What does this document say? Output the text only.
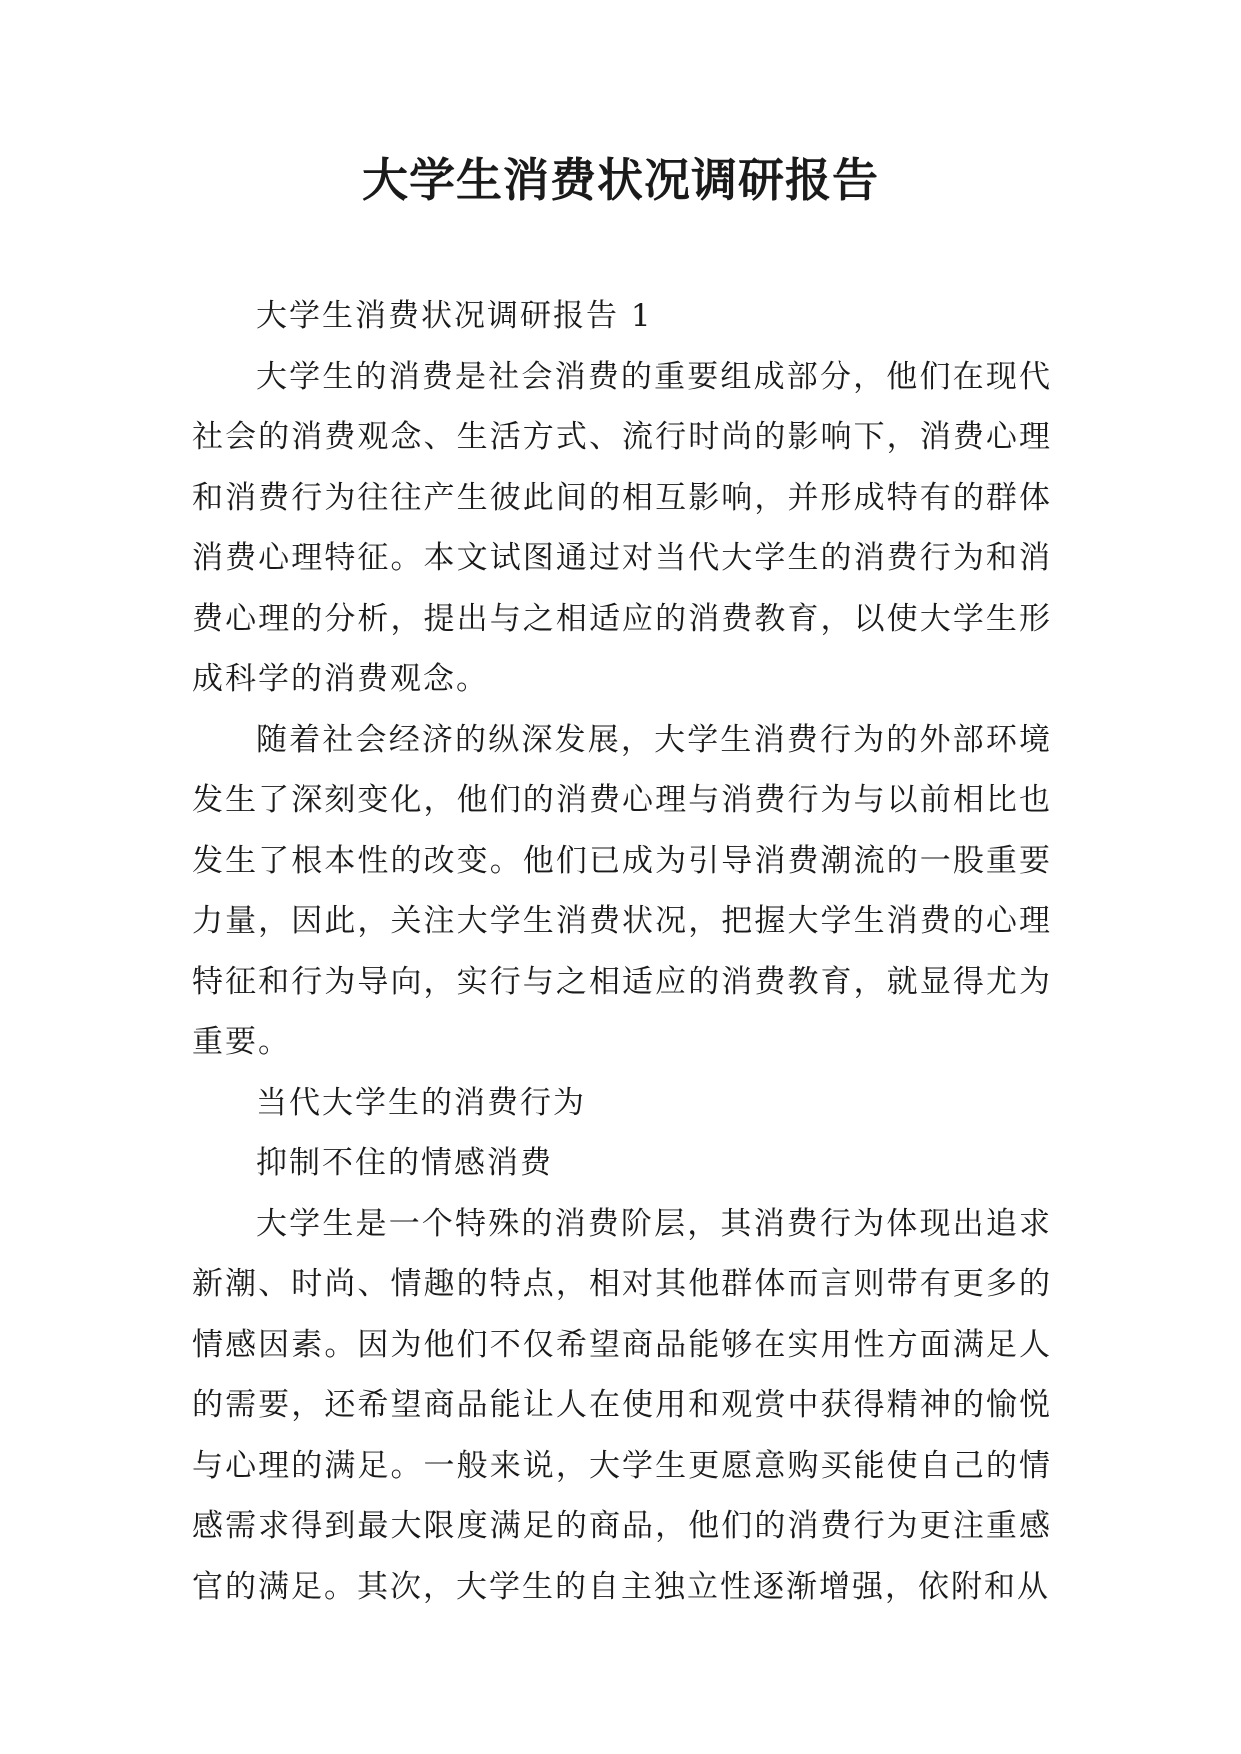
大学生消费状况调研报告

大学生消费状况调研报告 1

大学生的消费是社会消费的重要组成部分，他们在现代社会的消费观念、生活方式、流行时尚的影响下，消费心理和消费行为往往产生彼此间的相互影响，并形成特有的群体消费心理特征。本文试图通过对当代大学生的消费行为和消费心理的分析，提出与之相适应的消费教育，以使大学生形成科学的消费观念。

随着社会经济的纵深发展，大学生消费行为的外部环境发生了深刻变化，他们的消费心理与消费行为与以前相比也发生了根本性的改变。他们已成为引导消费潮流的一股重要力量，因此，关注大学生消费状况，把握大学生消费的心理特征和行为导向，实行与之相适应的消费教育，就显得尤为重要。

当代大学生的消费行为

抑制不住的情感消费

大学生是一个特殊的消费阶层，其消费行为体现出追求新潮、时尚、情趣的特点，相对其他群体而言则带有更多的情感因素。因为他们不仅希望商品能够在实用性方面满足人的需要，还希望商品能让人在使用和观赏中获得精神的愉悦与心理的满足。一般来说，大学生更愿意购买能使自己的情感需求得到最大限度满足的商品，他们的消费行为更注重感官的满足。其次，大学生的自主独立性逐渐增强，依附和从
